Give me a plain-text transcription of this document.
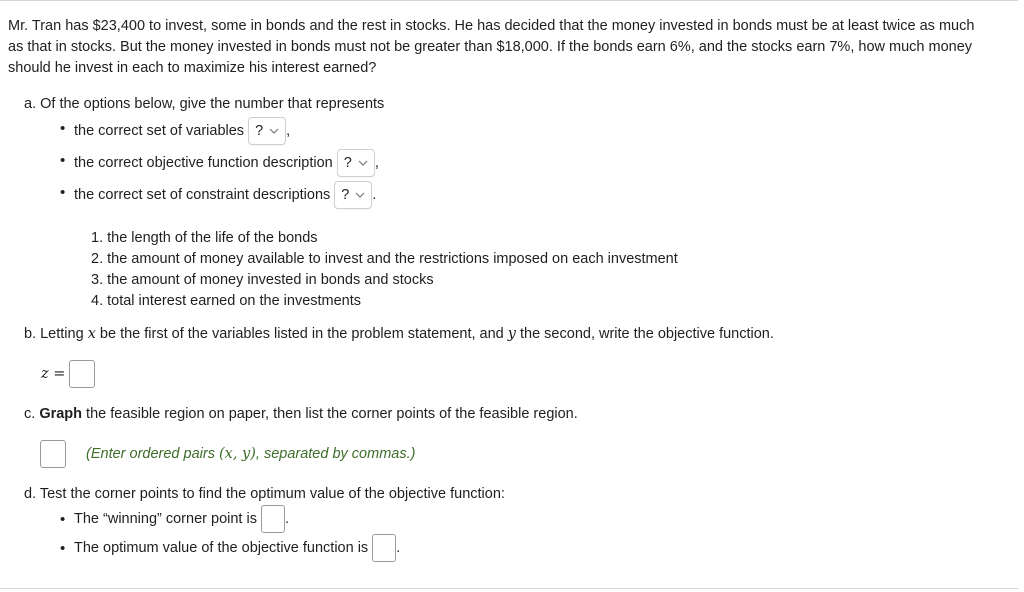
Mr. Tran has $23,400 to invest, some in bonds and the rest in stocks. He has decided that the money invested in bonds must be at least twice as much
as that in stocks. But the money invested in bonds must not be greater than $18,000. If the bonds earn 6%, and the stocks earn 7%, how much money
should he invest in each to maximize his interest earned?
a. Of the options below, give the number that represents
• the correct set of variables ? ,
• the correct objective function description ? ,
• the correct set of constraint descriptions ? .
1. the length of the life of the bonds
2. the amount of money available to invest and the restrictions imposed on each investment
3. the amount of money invested in bonds and stocks
4. total interest earned on the investments
b. Letting x be the first of the variables listed in the problem statement, and y the second, write the objective function.
z =
c. Graph the feasible region on paper, then list the corner points of the feasible region.
(Enter ordered pairs (x, y), separated by commas.)
d. Test the corner points to find the optimum value of the objective function:
• The “winning” corner point is .
• The optimum value of the objective function is .
